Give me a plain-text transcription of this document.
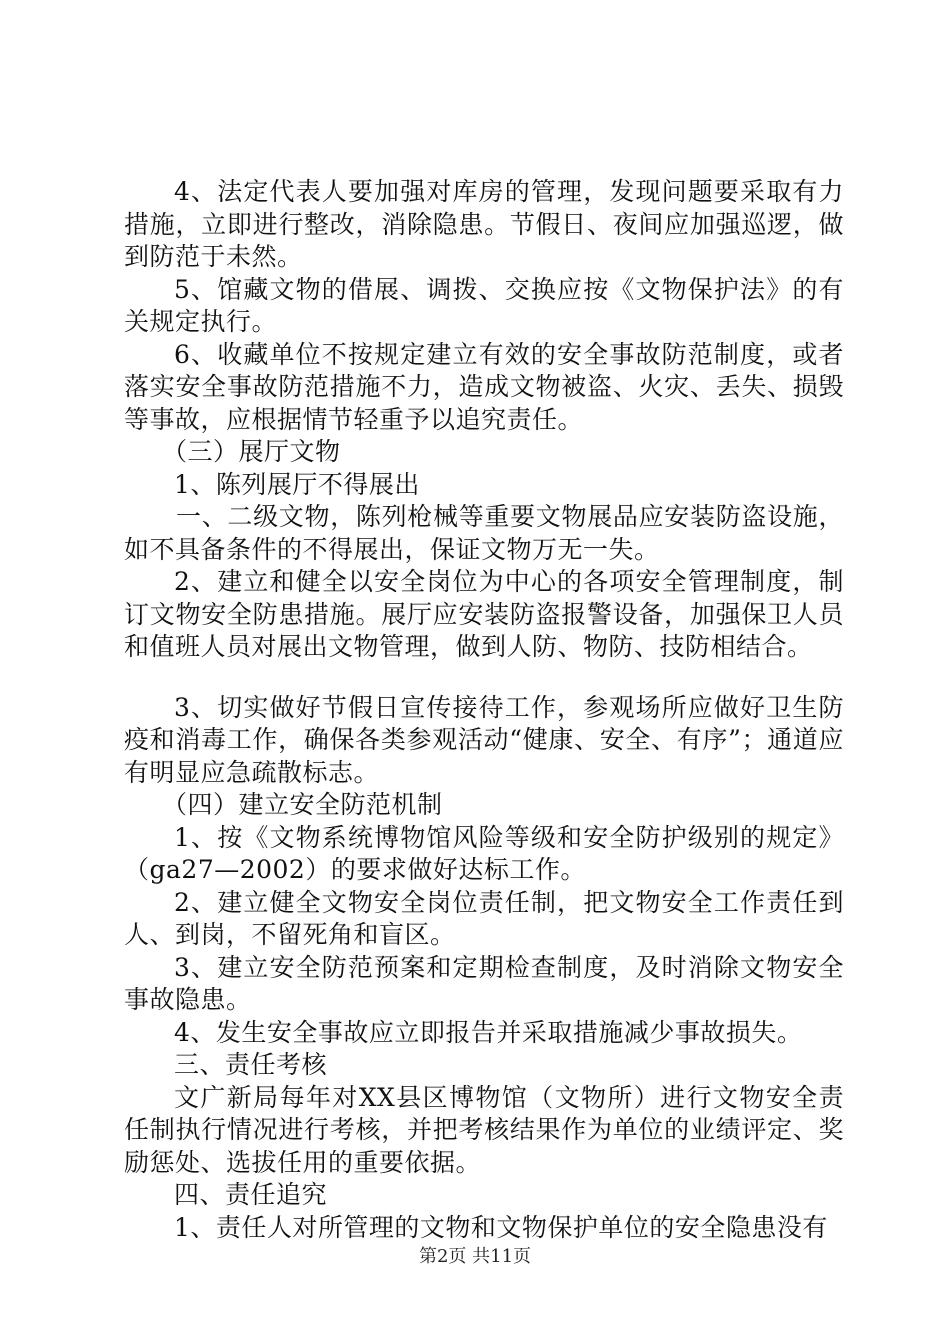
4、法定代表人要加强对库房的管理，发现问题要采取有力措施，立即进行整改，消除隐患。节假日、夜间应加强巡逻，做到防范于未然。

5、馆藏文物的借展、调拨、交换应按《文物保护法》的有关规定执行。

6、收藏单位不按规定建立有效的安全事故防范制度，或者落实安全事故防范措施不力，造成文物被盗、火灾、丢失、损毁等事故，应根据情节轻重予以追究责任。

（三）展厅文物

1、陈列展厅不得展出

一、二级文物，陈列枪械等重要文物展品应安装防盗设施，如不具备条件的不得展出，保证文物万无一失。

2、建立和健全以安全岗位为中心的各项安全管理制度，制订文物安全防患措施。展厅应安装防盗报警设备，加强保卫人员和值班人员对展出文物管理，做到人防、物防、技防相结合。

3、切实做好节假日宣传接待工作，参观场所应做好卫生防疫和消毒工作，确保各类参观活动“健康、安全、有序”；通道应有明显应急疏散标志。

（四）建立安全防范机制

1、按《文物系统博物馆风险等级和安全防护级别的规定》（ga27—2002）的要求做好达标工作。

2、建立健全文物安全岗位责任制，把文物安全工作责任到人、到岗，不留死角和盲区。

3、建立安全防范预案和定期检查制度，及时消除文物安全事故隐患。

4、发生安全事故应立即报告并采取措施减少事故损失。

三、责任考核

文广新局每年对XX县区博物馆（文物所）进行文物安全责任制执行情况进行考核，并把考核结果作为单位的业绩评定、奖励惩处、选拔任用的重要依据。

四、责任追究

1、责任人对所管理的文物和文物保护单位的安全隐患没有

第2页 共11页
